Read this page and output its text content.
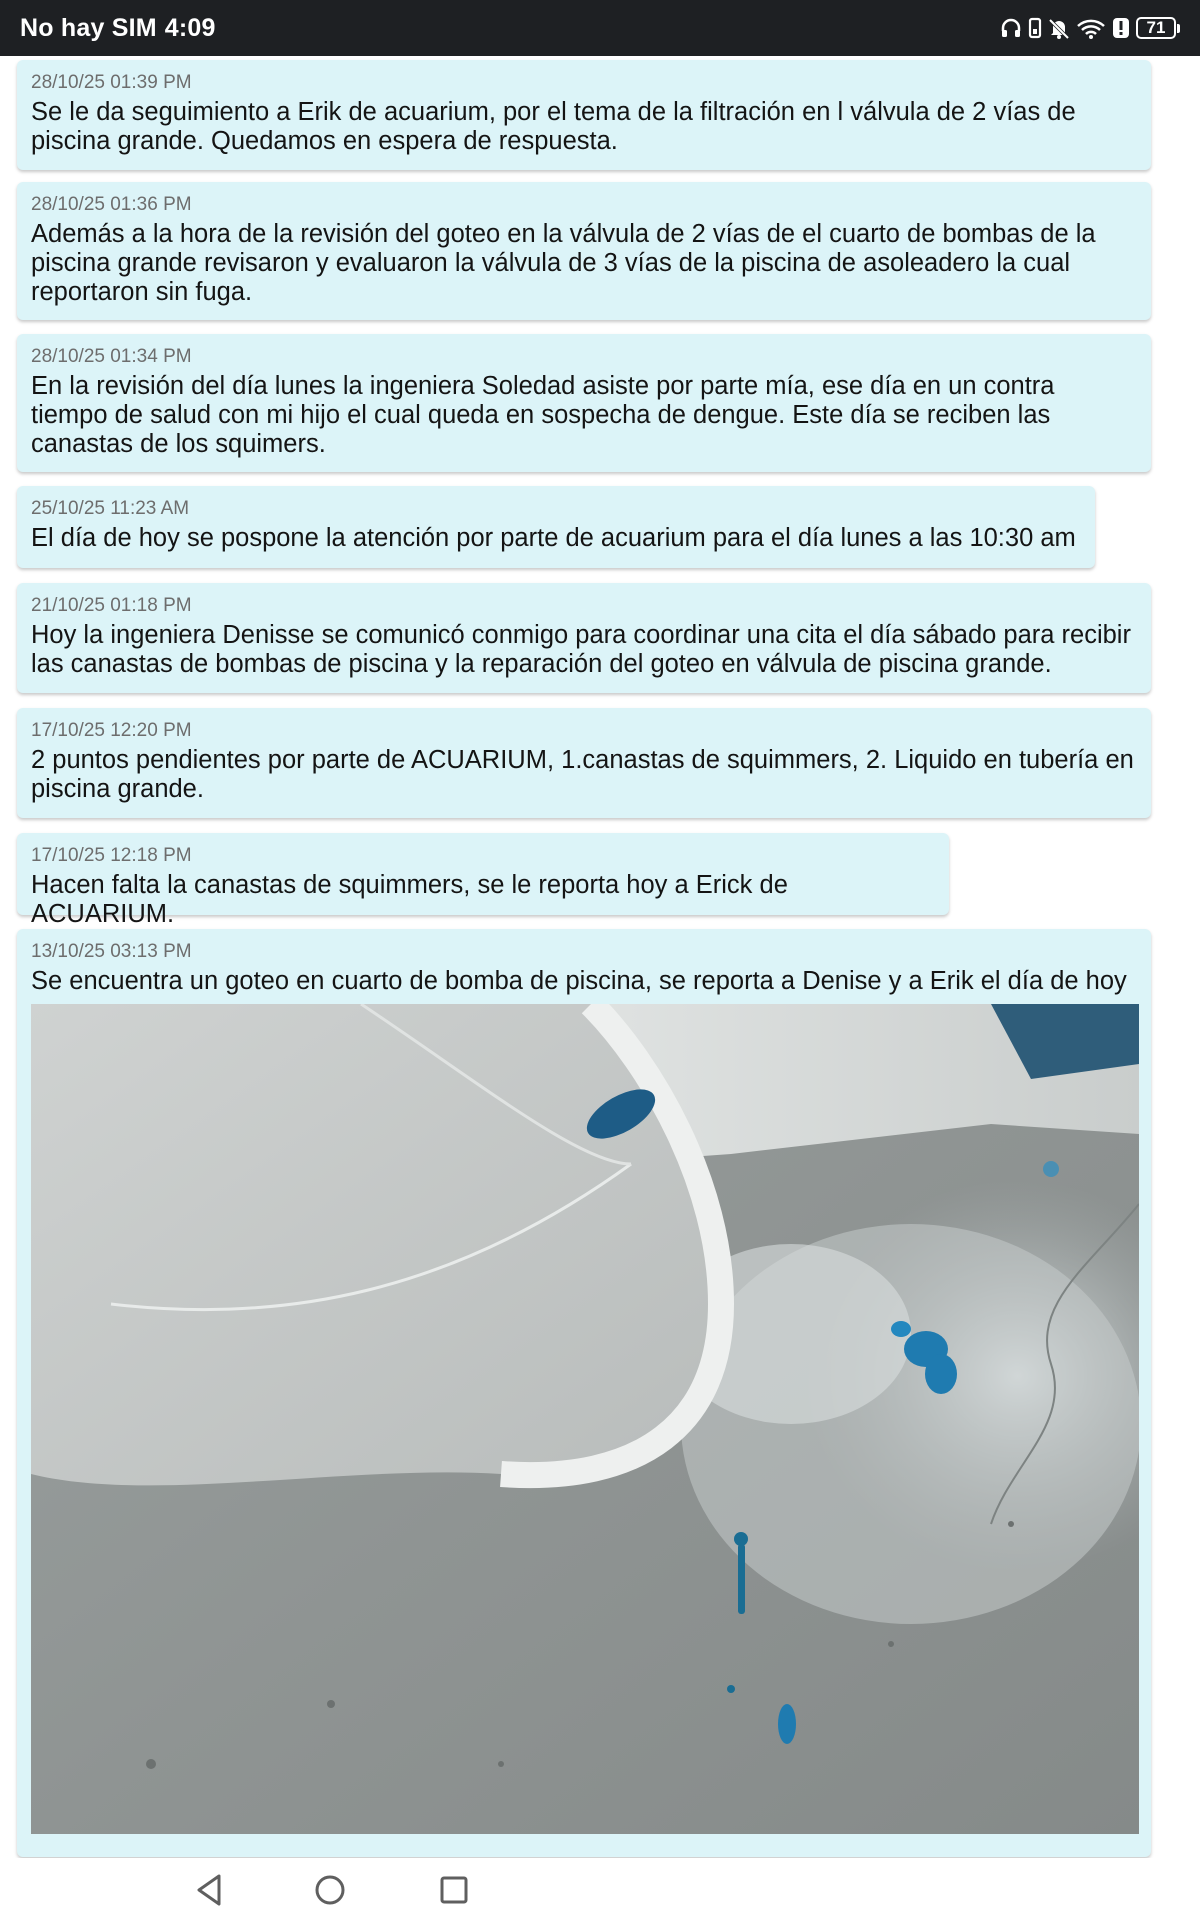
No hay SIM 4:09	71
28/10/25 01:39 PM
Se le da seguimiento a Erik de acuarium, por el tema de la filtración en l válvula de 2 vías de piscina grande. Quedamos en espera de respuesta.
28/10/25 01:36 PM
Además a la hora de la revisión del goteo en la válvula de 2 vías de el cuarto de bombas de la piscina grande revisaron y evaluaron la válvula de 3 vías de la piscina de asoleadero la cual reportaron sin fuga.
28/10/25 01:34 PM
En la revisión del día lunes la ingeniera Soledad asiste por parte mía, ese día en un contra tiempo de salud con mi hijo el cual queda en sospecha de dengue. Este día se reciben las canastas de los squimers.
25/10/25 11:23 AM
El día de hoy se pospone la atención por parte de acuarium para el día lunes a las 10:30 am
21/10/25 01:18 PM
Hoy la ingeniera Denisse se comunicó conmigo para coordinar una cita el día sábado para recibir las canastas de bombas de piscina y la reparación del goteo en válvula de piscina grande.
17/10/25 12:20 PM
2 puntos pendientes por parte de ACUARIUM, 1.canastas de squimmers, 2. Liquido en tubería en piscina grande.
17/10/25 12:18 PM
Hacen falta la canastas de squimmers, se le reporta hoy a Erick de ACUARIUM.
13/10/25 03:13 PM
Se encuentra un goteo en cuarto de bomba de piscina, se reporta a Denise y a Erik el día de hoy
